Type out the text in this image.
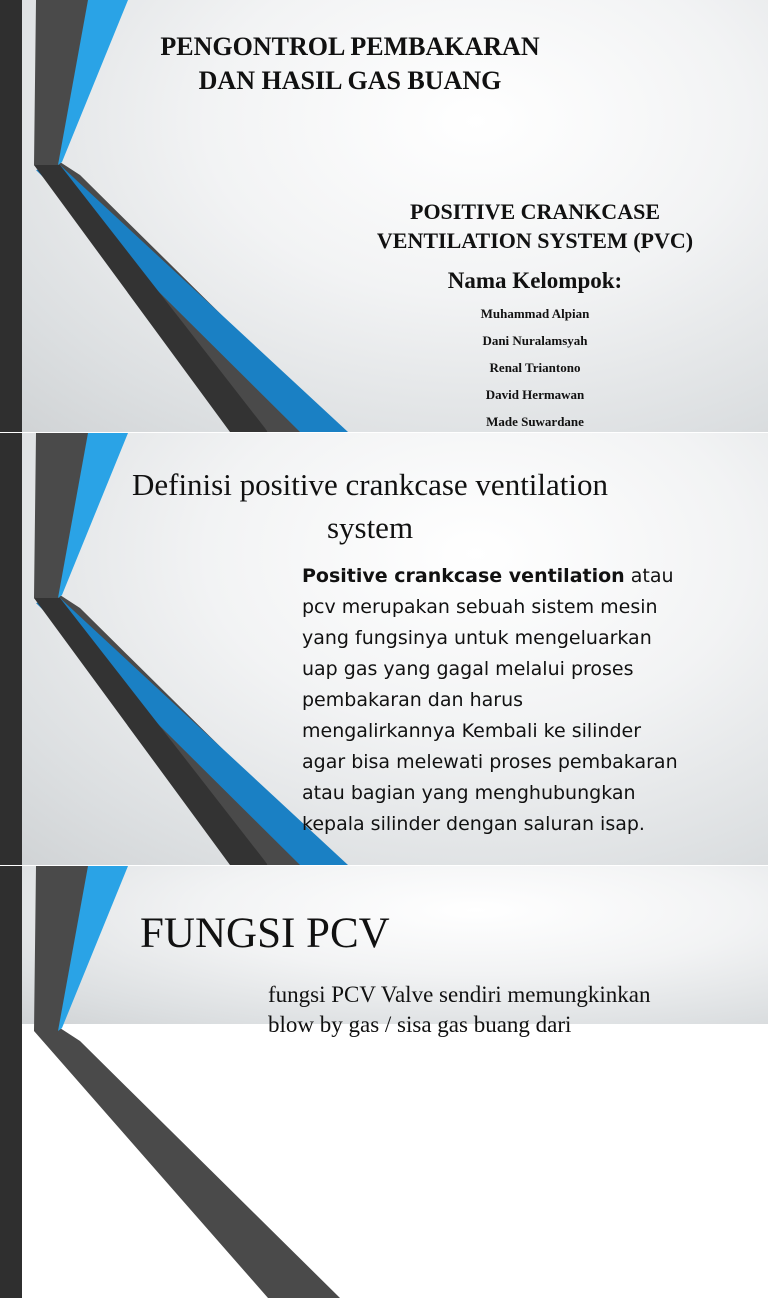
PENGONTROL PEMBAKARAN
DAN HASIL GAS BUANG
POSITIVE CRANKCASE
VENTILATION SYSTEM (PVC)
Nama Kelompok:
Muhammad Alpian
Dani Nuralamsyah
Renal Triantono
David Hermawan
Made Suwardane
Definisi positive crankcase ventilation
system

Positive crankcase ventilation atau
pcv merupakan sebuah sistem mesin
yang fungsinya untuk mengeluarkan
uap gas yang gagal melalui proses
pembakaran dan harus
mengalirkannya Kembali ke silinder
agar bisa melewati proses pembakaran
atau bagian yang menghubungkan
kepala silinder dengan saluran isap.

FUNGSI PCV

fungsi PCV Valve sendiri memungkinkan
blow by gas / sisa gas buang dari
